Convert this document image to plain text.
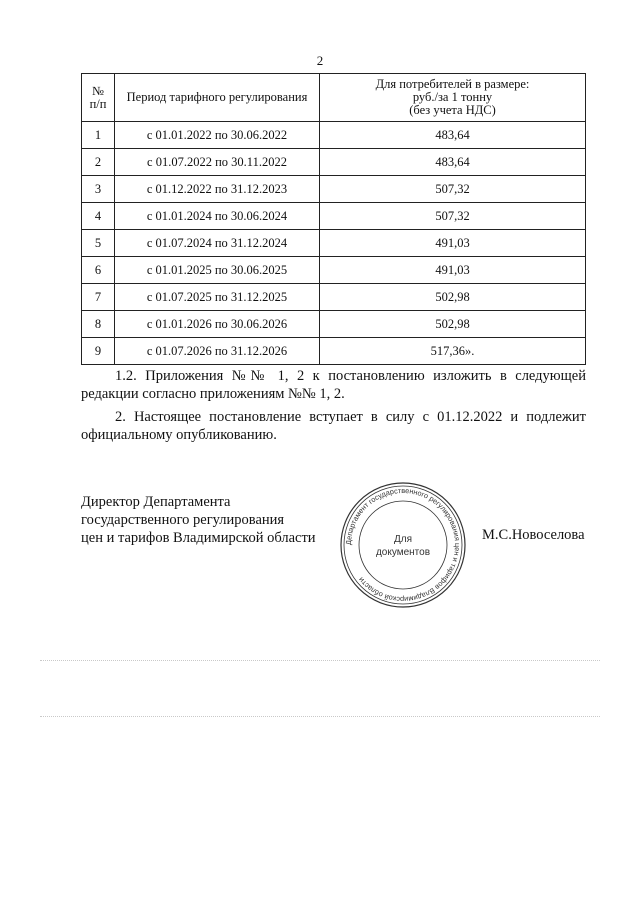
2
№ п/п	Период тарифного регулирования	Для потребителей в размере:
руб./за 1 тонну
(без учета НДС)

1	с 01.01.2022 по 30.06.2022	483,64
2	с 01.07.2022 по 30.11.2022	483,64
3	с 01.12.2022 по 31.12.2023	507,32
4	с 01.01.2024 по 30.06.2024	507,32
5	с 01.07.2024 по 31.12.2024	491,03
6	с 01.01.2025 по 30.06.2025	491,03
7	с 01.07.2025 по 31.12.2025	502,98
8	с 01.01.2026 по 30.06.2026	502,98
9	с 01.07.2026 по 31.12.2026	517,36».
1.2. Приложения №№ 1, 2 к постановлению изложить в следующей редакции согласно приложениям №№ 1, 2.
2. Настоящее постановление вступает в силу с 01.12.2022 и подлежит официальному опубликованию.
Директор Департамента
государственного регулирования
цен и тарифов Владимирской области	Департамент государственного регулирования цен и тарифов Владимирской области
Для
документов
М.С.Новоселова
